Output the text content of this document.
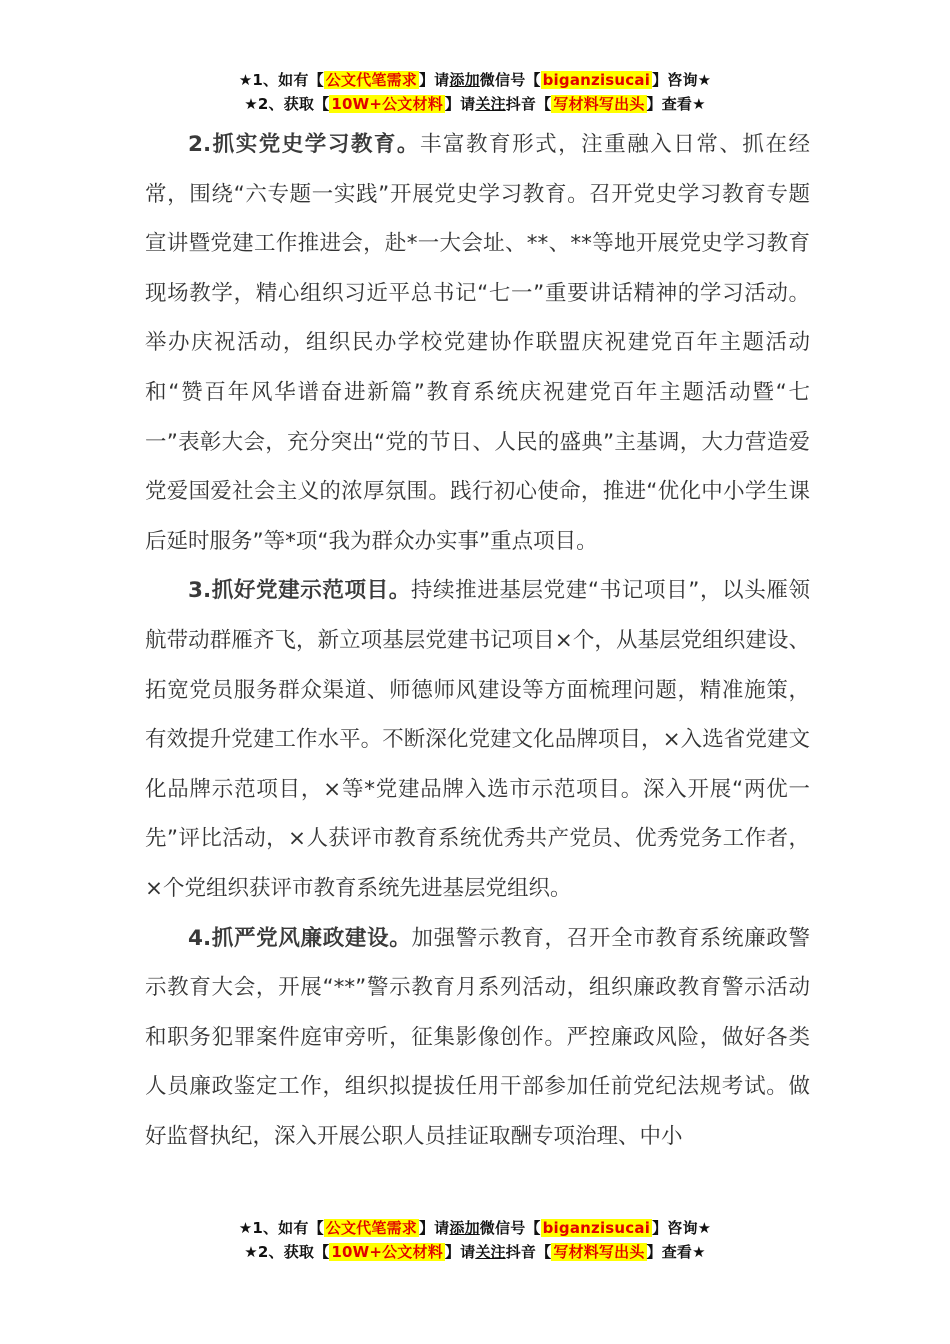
★1、如有【 公文代笔需求 】请添加微信号【 biganzisucai 】咨询★
★2、获取【 10W+公文材料 】请关注抖音【 写材料写出头 】查看★

2.抓实党史学习教育。丰富教育形式，注重融入日常、抓在经常，围绕“六专题一实践”开展党史学习教育。召开党史学习教育专题宣讲暨党建工作推进会，赴*一大会址、**、**等地开展党史学习教育现场教学，精心组织习近平总书记“七一”重要讲话精神的学习活动。举办庆祝活动，组织民办学校党建协作联盟庆祝建党百年主题活动和“赞百年风华谱奋进新篇”教育系统庆祝建党百年主题活动暨“七一”表彰大会，充分突出“党的节日、人民的盛典”主基调，大力营造爱党爱国爱社会主义的浓厚氛围。践行初心使命，推进“优化中小学生课后延时服务”等*项“我为群众办实事”重点项目。

3.抓好党建示范项目。持续推进基层党建“书记项目”，以头雁领航带动群雁齐飞，新立项基层党建书记项目×个，从基层党组织建设、拓宽党员服务群众渠道、师德师风建设等方面梳理问题，精准施策，有效提升党建工作水平。不断深化党建文化品牌项目，×入选省党建文化品牌示范项目，×等*党建品牌入选市示范项目。深入开展“两优一先”评比活动，×人获评市教育系统优秀共产党员、优秀党务工作者，×个党组织获评市教育系统先进基层党组织。

4.抓严党风廉政建设。加强警示教育，召开全市教育系统廉政警示教育大会，开展“**”警示教育月系列活动，组织廉政教育警示活动和职务犯罪案件庭审旁听，征集影像创作。严控廉政风险，做好各类人员廉政鉴定工作，组织拟提拔任用干部参加任前党纪法规考试。做好监督执纪，深入开展公职人员挂证取酬专项治理、中小

★1、如有【 公文代笔需求 】请添加微信号【 biganzisucai 】咨询★
★2、获取【 10W+公文材料 】请关注抖音【 写材料写出头 】查看★
